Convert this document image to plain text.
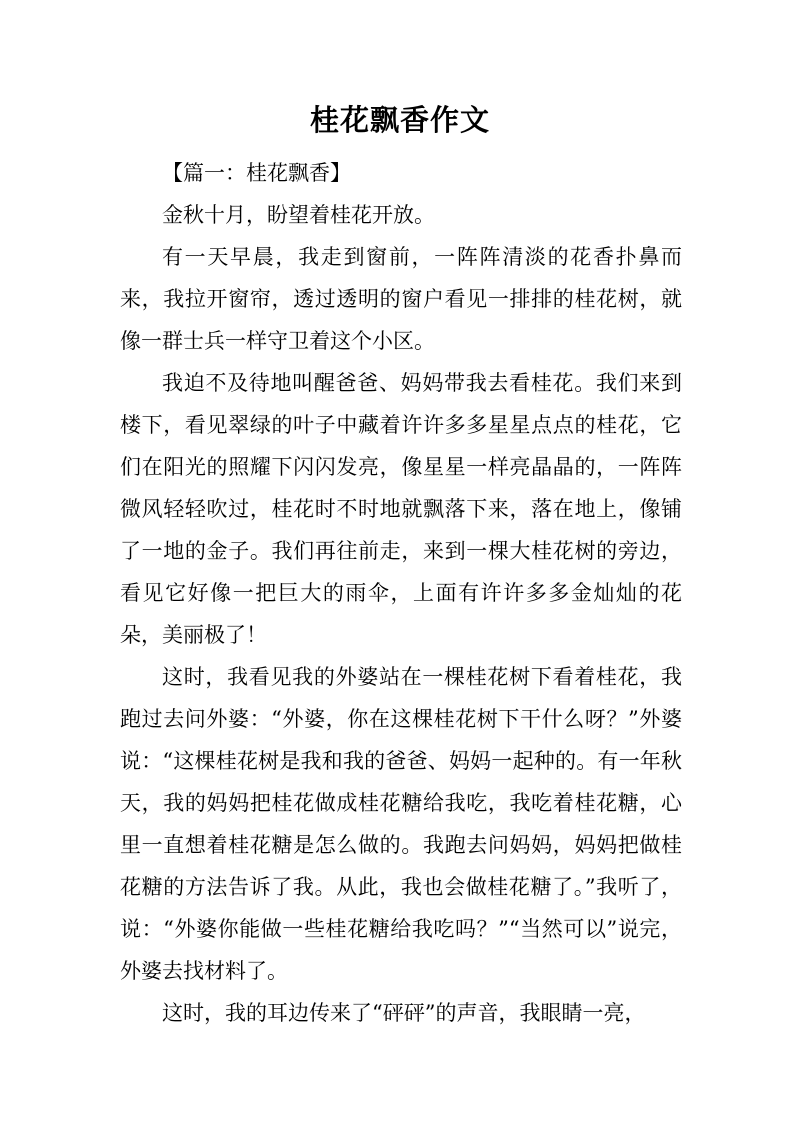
桂花飘香作文

【篇一：桂花飘香】

金秋十月，盼望着桂花开放。

有一天早晨，我走到窗前，一阵阵清淡的花香扑鼻而来，我拉开窗帘，透过透明的窗户看见一排排的桂花树，就像一群士兵一样守卫着这个小区。

我迫不及待地叫醒爸爸、妈妈带我去看桂花。我们来到楼下，看见翠绿的叶子中藏着许许多多星星点点的桂花，它们在阳光的照耀下闪闪发亮，像星星一样亮晶晶的，一阵阵微风轻轻吹过，桂花时不时地就飘落下来，落在地上，像铺了一地的金子。我们再往前走，来到一棵大桂花树的旁边，看见它好像一把巨大的雨伞，上面有许许多多金灿灿的花朵，美丽极了！

这时，我看见我的外婆站在一棵桂花树下看着桂花，我跑过去问外婆：“外婆，你在这棵桂花树下干什么呀？”外婆说：“这棵桂花树是我和我的爸爸、妈妈一起种的。有一年秋天，我的妈妈把桂花做成桂花糖给我吃，我吃着桂花糖，心里一直想着桂花糖是怎么做的。我跑去问妈妈，妈妈把做桂花糖的方法告诉了我。从此，我也会做桂花糖了。”我听了，说：“外婆你能做一些桂花糖给我吃吗？”“当然可以”说完，外婆去找材料了。

这时，我的耳边传来了“砰砰”的声音，我眼睛一亮，
